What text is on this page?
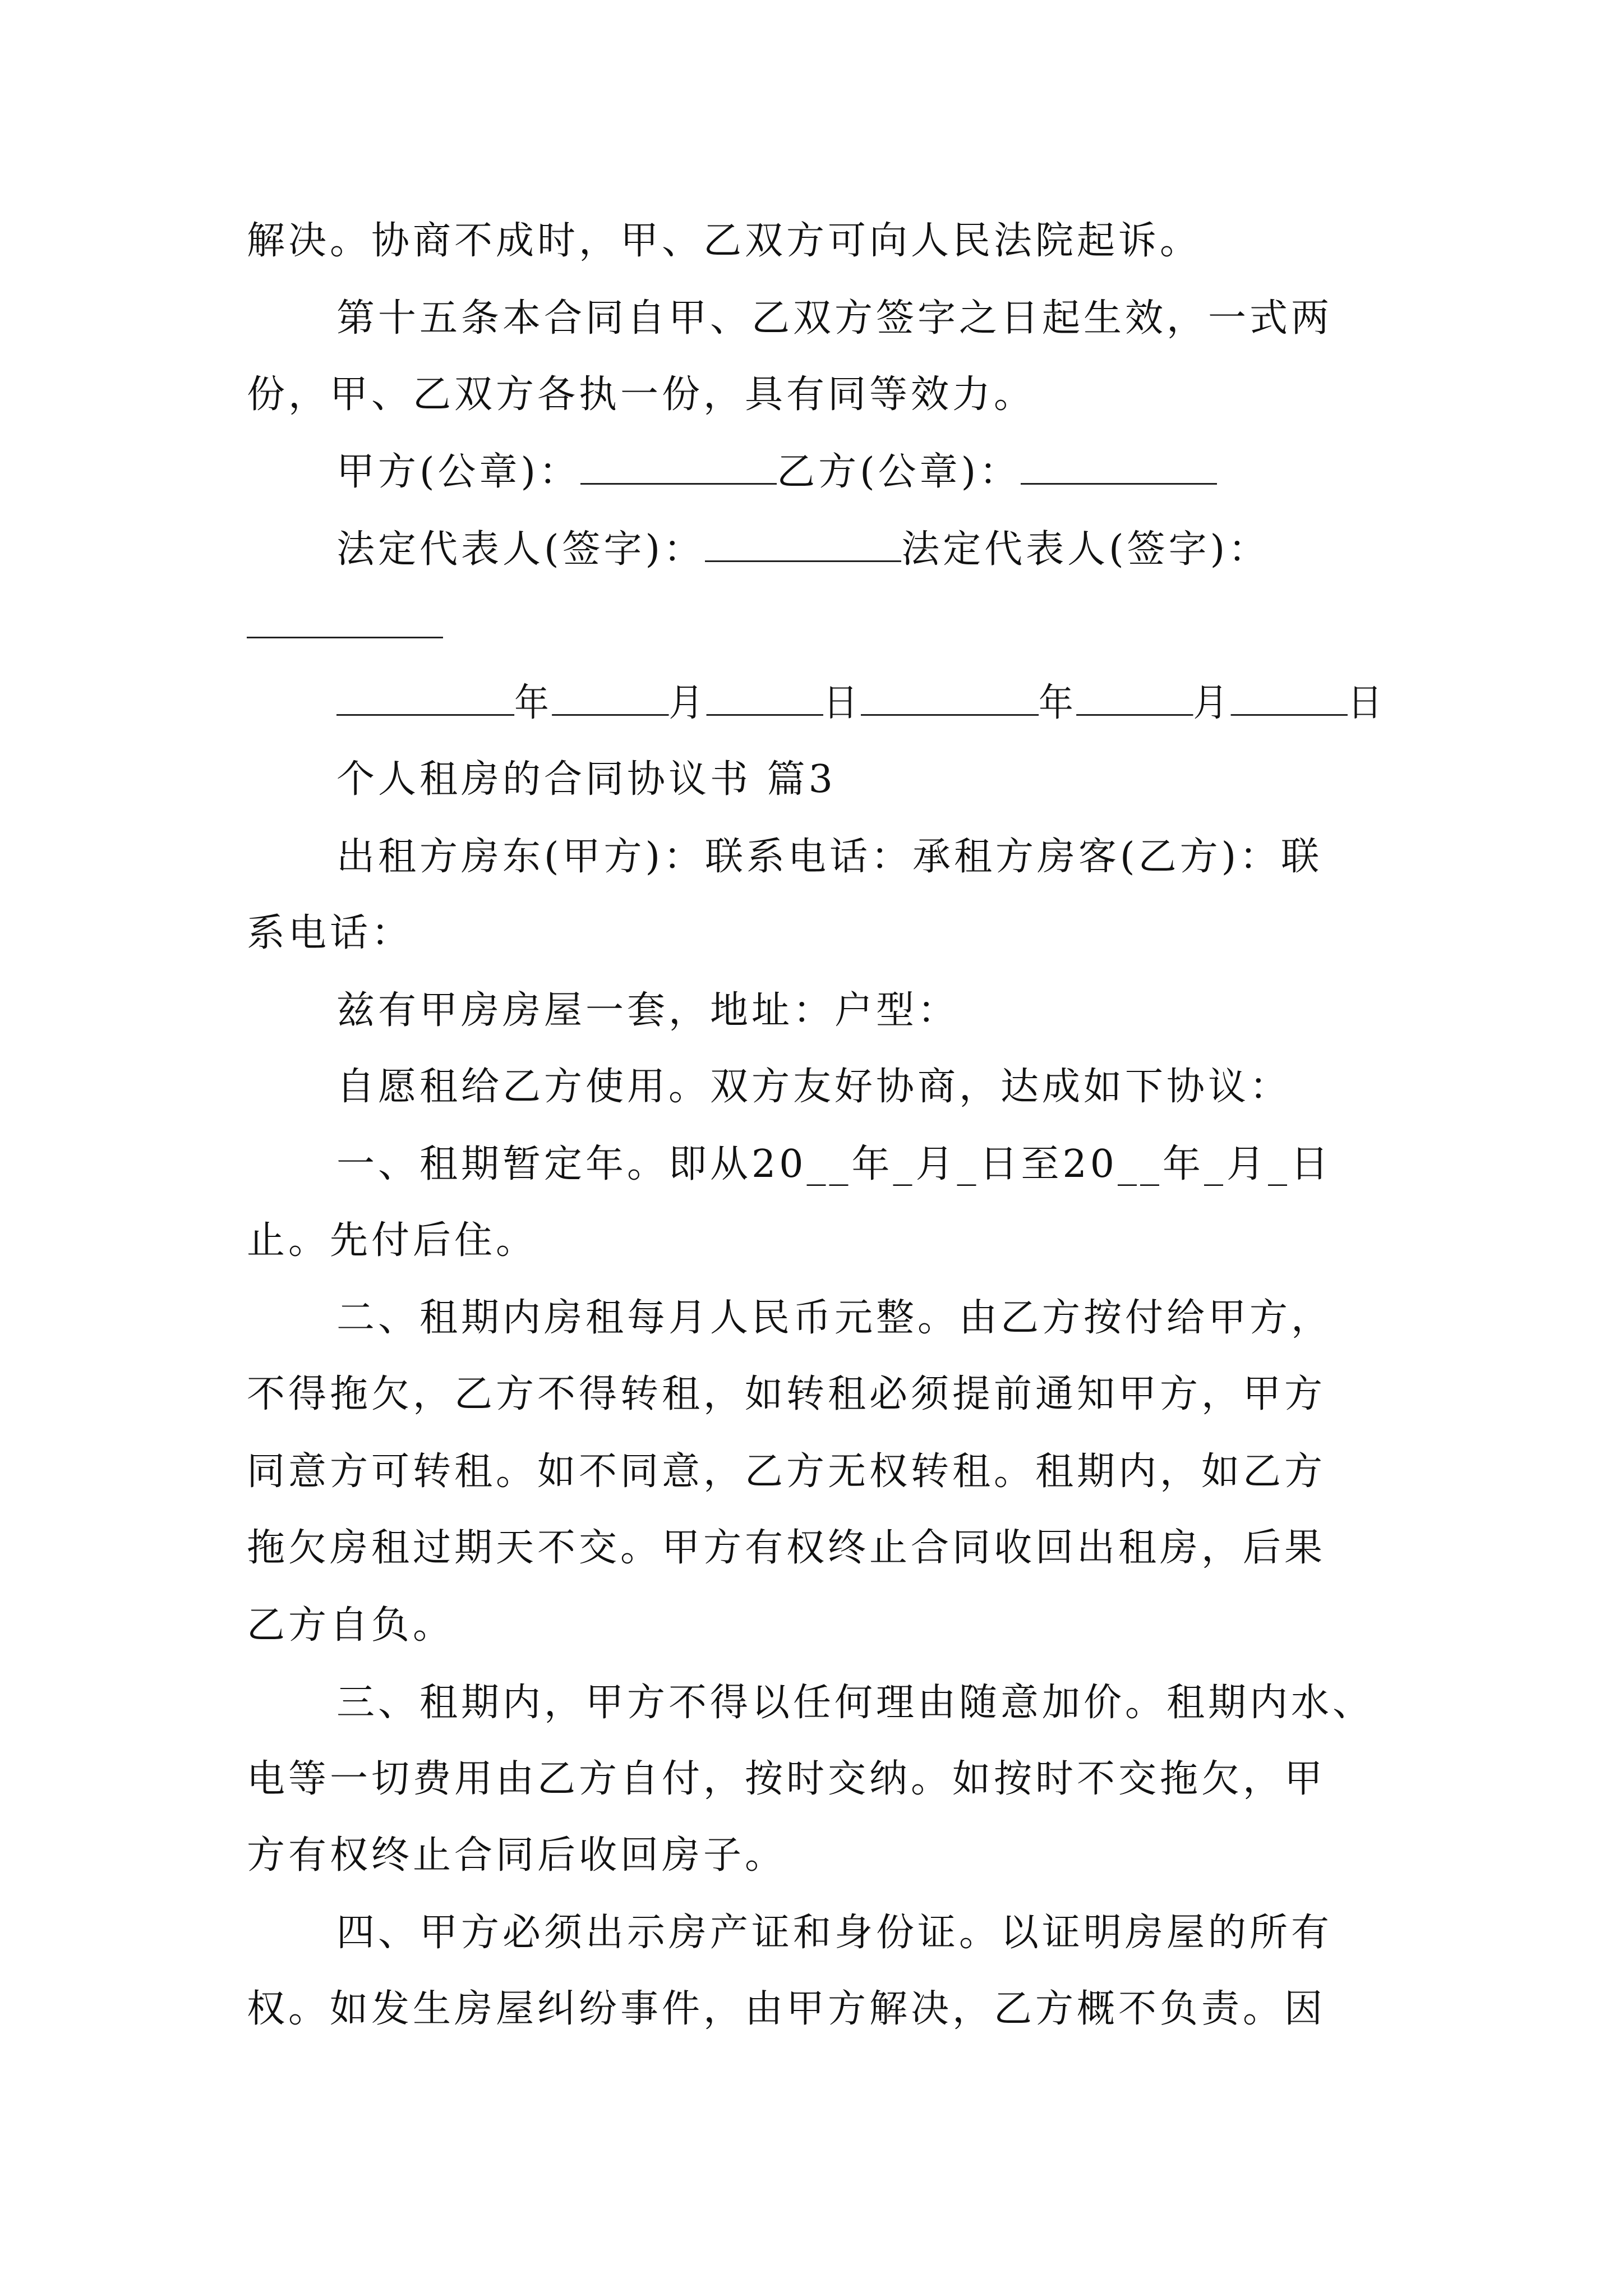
解决。协商不成时，甲、乙双方可向人民法院起诉。
第十五条本合同自甲、乙双方签字之日起生效，一式两
份，甲、乙双方各执一份，具有同等效力。
甲方(公章)：	乙方(公章)：
法定代表人(签字)：	法定代表人(签字)：
年	月	日	年	月	日
个人租房的合同协议书 篇3
出租方房东(甲方)：联系电话：承租方房客(乙方)：联
系电话：
兹有甲房房屋一套，地址：户型：
自愿租给乙方使用。双方友好协商，达成如下协议：
一、租期暂定年。即从20__年_月_日至20__年_月_日
止。先付后住。
二、租期内房租每月人民币元整。由乙方按付给甲方，
不得拖欠，乙方不得转租，如转租必须提前通知甲方，甲方
同意方可转租。如不同意，乙方无权转租。租期内，如乙方
拖欠房租过期天不交。甲方有权终止合同收回出租房，后果
乙方自负。
三、租期内，甲方不得以任何理由随意加价。租期内水、
电等一切费用由乙方自付，按时交纳。如按时不交拖欠，甲
方有权终止合同后收回房子。
四、甲方必须出示房产证和身份证。以证明房屋的所有
权。如发生房屋纠纷事件，由甲方解决，乙方概不负责。因
